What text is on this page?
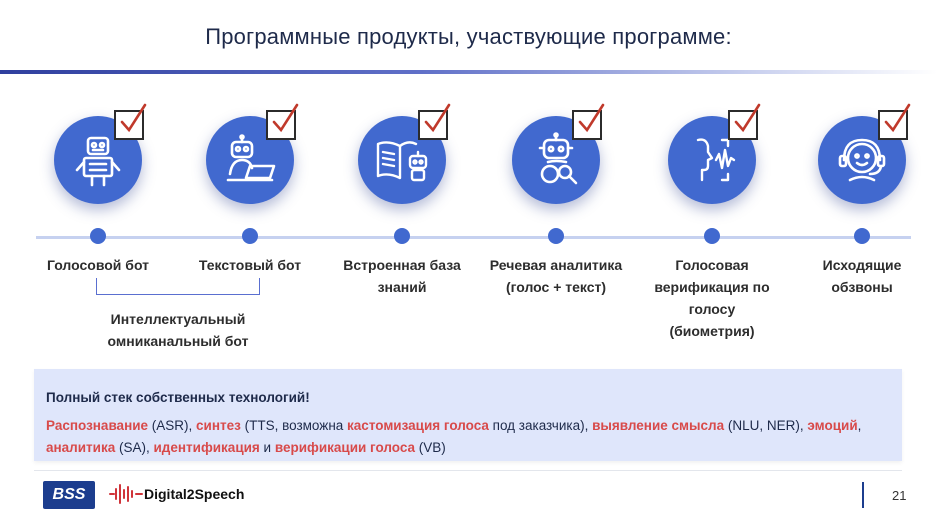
Программные продукты, участвующие программе:
Голосовой бот	Текстовый бот	Встроенная база знаний
Речевая аналитика (голос + текст)
Голосовая верификация по голосу (биометрия)
Исходящие обзвоны
Интеллектуальный омниканальный бот
Полный стек собственных технологий!
Распознавание (ASR), синтез (TTS, возможна кастомизация голоса под заказчика), выявление смысла (NLU, NER), эмоций, аналитика (SA), идентификация и верификации голоса (VB)
BSS	Digital2Speech	21
